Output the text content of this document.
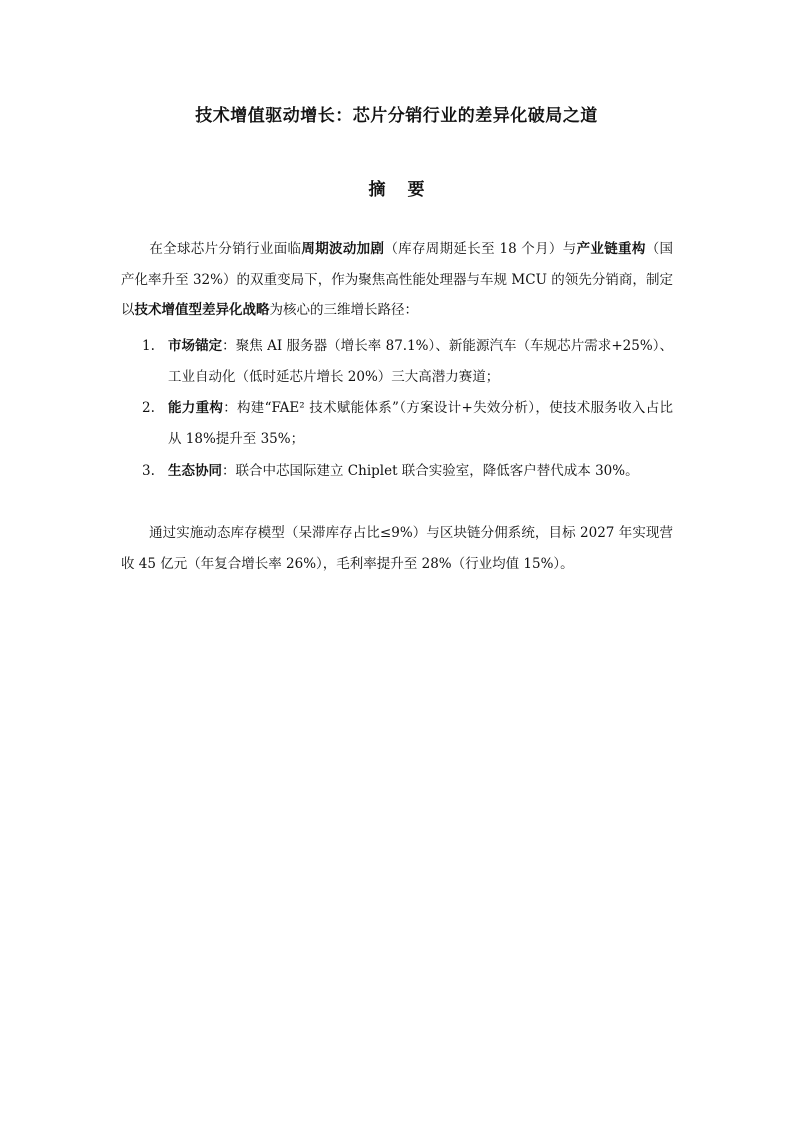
技术增值驱动增长：芯片分销行业的差异化破局之道
摘要
在全球芯片分销行业面临周期波动加剧（库存周期延长至 18 个月）与产业链重构（国产化率升至 32%）的双重变局下，作为聚焦高性能处理器与车规 MCU 的领先分销商，制定以技术增值型差异化战略为核心的三维增长路径：
1. 市场锚定：聚焦 AI 服务器（增长率 87.1%）、新能源汽车（车规芯片需求+25%）、工业自动化（低时延芯片增长 20%）三大高潜力赛道；
2. 能力重构：构建“FAE² 技术赋能体系”（方案设计+失效分析），使技术服务收入占比从 18%提升至 35%；
3. 生态协同：联合中芯国际建立 Chiplet 联合实验室，降低客户替代成本 30%。
通过实施动态库存模型（呆滞库存占比≤9%）与区块链分佣系统，目标 2027 年实现营收 45 亿元（年复合增长率 26%），毛利率提升至 28%（行业均值 15%）。
